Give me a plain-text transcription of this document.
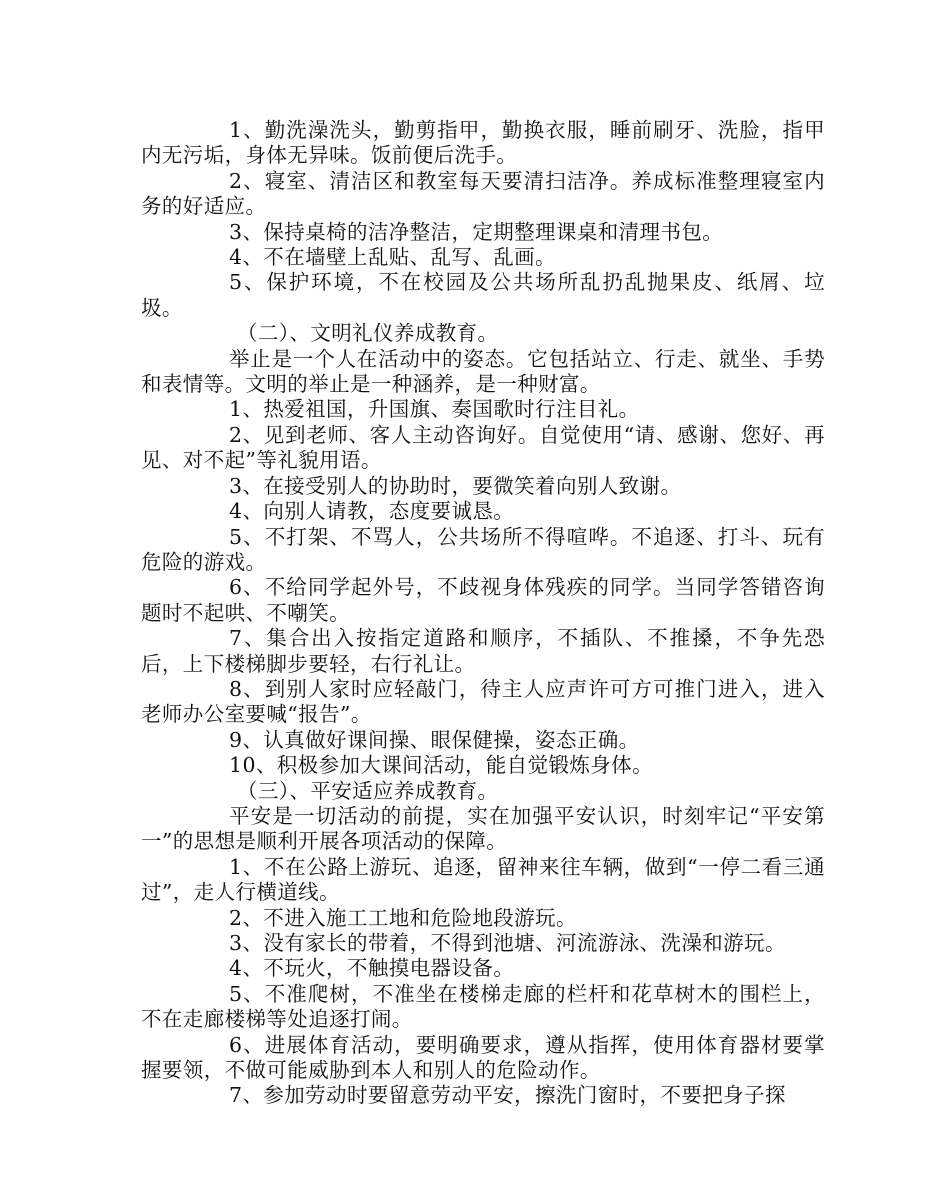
1、勤洗澡洗头，勤剪指甲，勤换衣服，睡前刷牙、洗脸，指甲内无污垢，身体无异味。饭前便后洗手。

2、寝室、清洁区和教室每天要清扫洁净。养成标准整理寝室内务的好适应。

3、保持桌椅的洁净整洁，定期整理课桌和清理书包。

4、不在墙壁上乱贴、乱写、乱画。

5、保护环境，不在校园及公共场所乱扔乱抛果皮、纸屑、垃圾。

（二）、文明礼仪养成教育。

举止是一个人在活动中的姿态。它包括站立、行走、就坐、手势和表情等。文明的举止是一种涵养，是一种财富。

1、热爱祖国，升国旗、奏国歌时行注目礼。

2、见到老师、客人主动咨询好。自觉使用“请、感谢、您好、再见、对不起”等礼貌用语。

3、在接受别人的协助时，要微笑着向别人致谢。

4、向别人请教，态度要诚恳。

5、不打架、不骂人，公共场所不得喧哗。不追逐、打斗、玩有危险的游戏。

6、不给同学起外号，不歧视身体残疾的同学。当同学答错咨询题时不起哄、不嘲笑。

7、集合出入按指定道路和顺序，不插队、不推搡，不争先恐后，上下楼梯脚步要轻，右行礼让。

8、到别人家时应轻敲门，待主人应声许可方可推门进入，进入老师办公室要喊“报告”。

9、认真做好课间操、眼保健操，姿态正确。

10、积极参加大课间活动，能自觉锻炼身体。

（三）、平安适应养成教育。

平安是一切活动的前提，实在加强平安认识，时刻牢记“平安第一”的思想是顺利开展各项活动的保障。

1、不在公路上游玩、追逐，留神来往车辆，做到“一停二看三通过”，走人行横道线。

2、不进入施工工地和危险地段游玩。

3、没有家长的带着，不得到池塘、河流游泳、洗澡和游玩。

4、不玩火，不触摸电器设备。

5、不准爬树，不准坐在楼梯走廊的栏杆和花草树木的围栏上，不在走廊楼梯等处追逐打闹。

6、进展体育活动，要明确要求，遵从指挥，使用体育器材要掌握要领，不做可能威胁到本人和别人的危险动作。

7、参加劳动时要留意劳动平安，擦洗门窗时，不要把身子探
